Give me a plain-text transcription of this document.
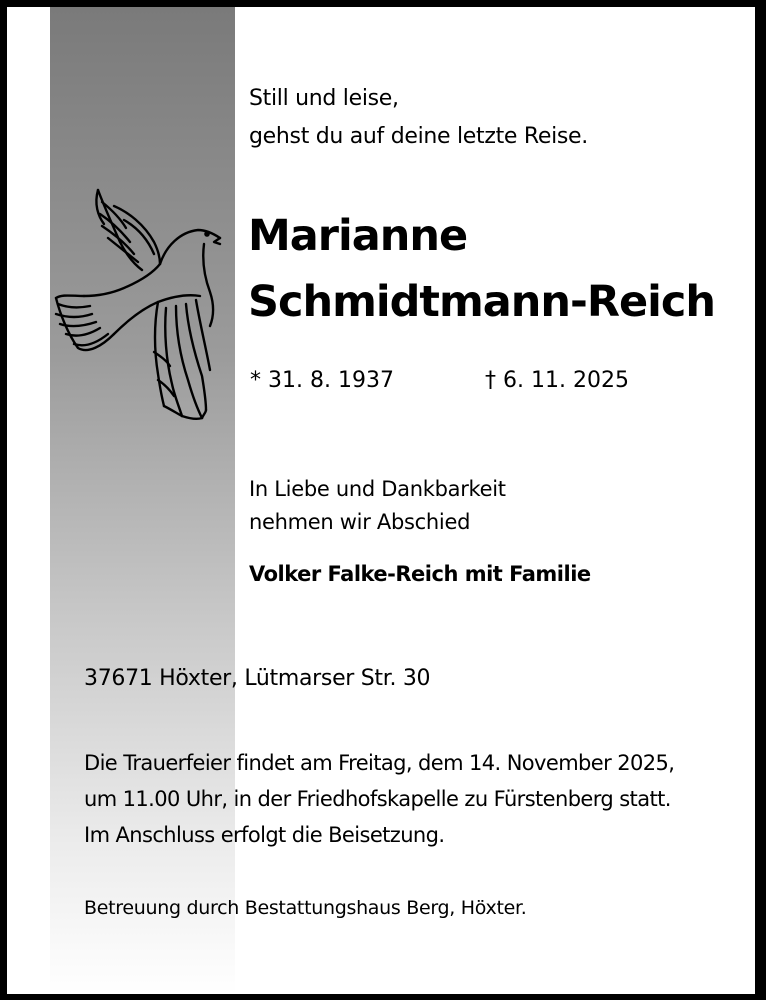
Still und leise,
gehst du auf deine letzte Reise.
Marianne
Schmidtmann-Reich
* 31. 8. 1937	† 6. 11. 2025
In Liebe und Dankbarkeit
nehmen wir Abschied
Volker Falke-Reich mit Familie
37671 Höxter, Lütmarser Str. 30
Die Trauerfeier findet am Freitag, dem 14. November 2025,
um 11.00 Uhr, in der Friedhofskapelle zu Fürstenberg statt.
Im Anschluss erfolgt die Beisetzung.
Betreuung durch Bestattungshaus Berg, Höxter.
